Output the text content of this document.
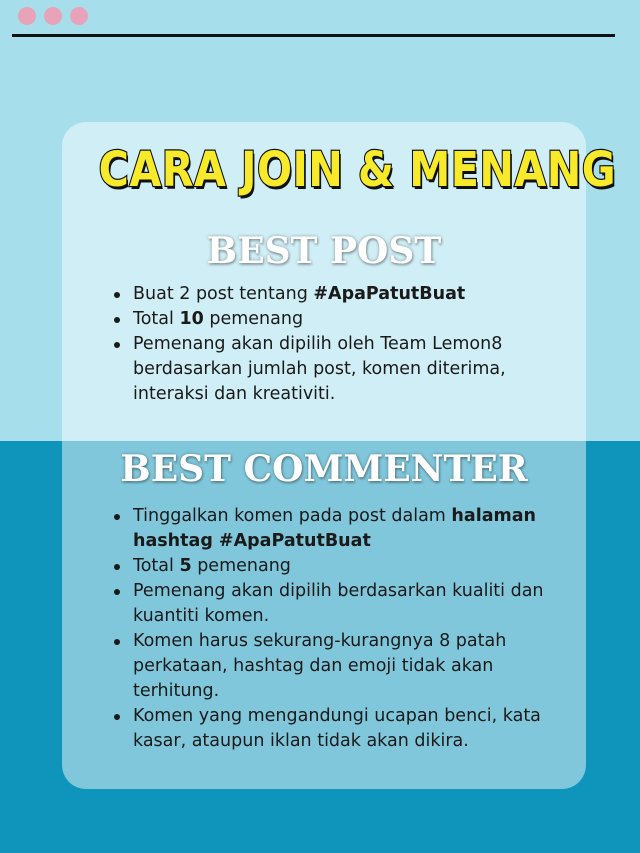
CARA JOIN & MENANG
BEST POST
Buat 2 post tentang #ApaPatutBuat
Total 10 pemenang
Pemenang akan dipilih oleh Team Lemon8 berdasarkan jumlah post, komen diterima, interaksi dan kreativiti.
BEST COMMENTER
Tinggalkan komen pada post dalam halaman hashtag #ApaPatutBuat
Total 5 pemenang
Pemenang akan dipilih berdasarkan kualiti dan kuantiti komen.
Komen harus sekurang-kurangnya 8 patah perkataan, hashtag dan emoji tidak akan terhitung.
Komen yang mengandungi ucapan benci, kata kasar, ataupun iklan tidak akan dikira.
